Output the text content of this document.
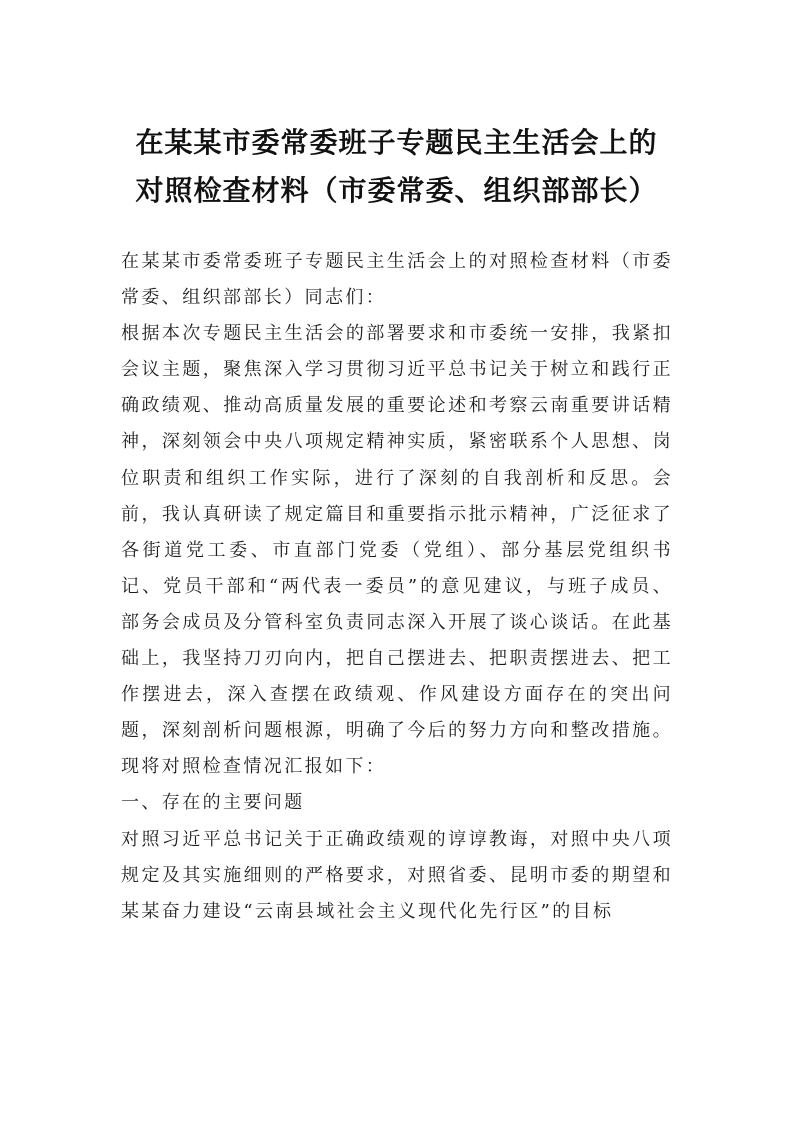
在某某市委常委班子专题民主生活会上的
对照检查材料（市委常委、组织部部长）

在某某市委常委班子专题民主生活会上的对照检查材料（市委常委、组织部部长）同志们：

根据本次专题民主生活会的部署要求和市委统一安排，我紧扣会议主题，聚焦深入学习贯彻习近平总书记关于树立和践行正确政绩观、推动高质量发展的重要论述和考察云南重要讲话精神，深刻领会中央八项规定精神实质，紧密联系个人思想、岗位职责和组织工作实际，进行了深刻的自我剖析和反思。会前，我认真研读了规定篇目和重要指示批示精神，广泛征求了各街道党工委、市直部门党委（党组）、部分基层党组织书记、党员干部和“两代表一委员”的意见建议，与班子成员、部务会成员及分管科室负责同志深入开展了谈心谈话。在此基础上，我坚持刀刃向内，把自己摆进去、把职责摆进去、把工作摆进去，深入查摆在政绩观、作风建设方面存在的突出问题，深刻剖析问题根源，明确了今后的努力方向和整改措施。现将对照检查情况汇报如下：

一、存在的主要问题

对照习近平总书记关于正确政绩观的谆谆教诲，对照中央八项规定及其实施细则的严格要求，对照省委、昆明市委的期望和某某奋力建设“云南县域社会主义现代化先行区”的目标
